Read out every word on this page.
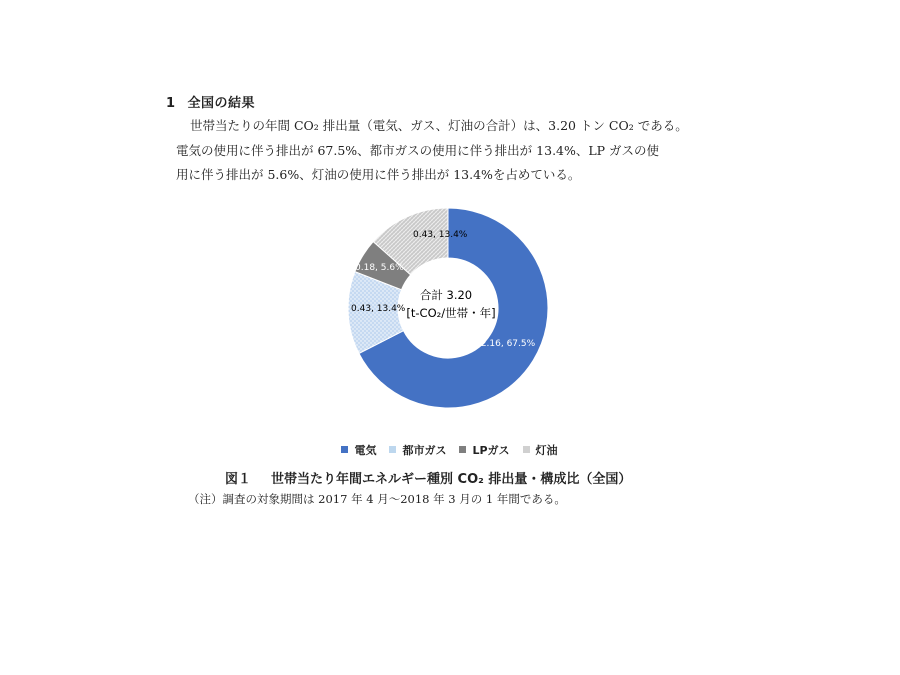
1 全国の結果
世帯当たりの年間 CO₂ 排出量（電気、ガス、灯油の合計）は、3.20 トン CO₂ である。
電気の使用に伴う排出が 67.5%、都市ガスの使用に伴う排出が 13.4%、LP ガスの使
用に伴う排出が 5.6%、灯油の使用に伴う排出が 13.4%を占めている。
2.16, 67.5%
0.43, 13.4%
0.18, 5.6%
0.43, 13.4%
合計 3.20
[t-CO₂/世帯・年]
電気 都市ガス LPガス 灯油
図１ 世帯当たり年間エネルギー種別 CO₂ 排出量・構成比（全国）
（注）調査の対象期間は 2017 年 4 月～2018 年 3 月の 1 年間である。
